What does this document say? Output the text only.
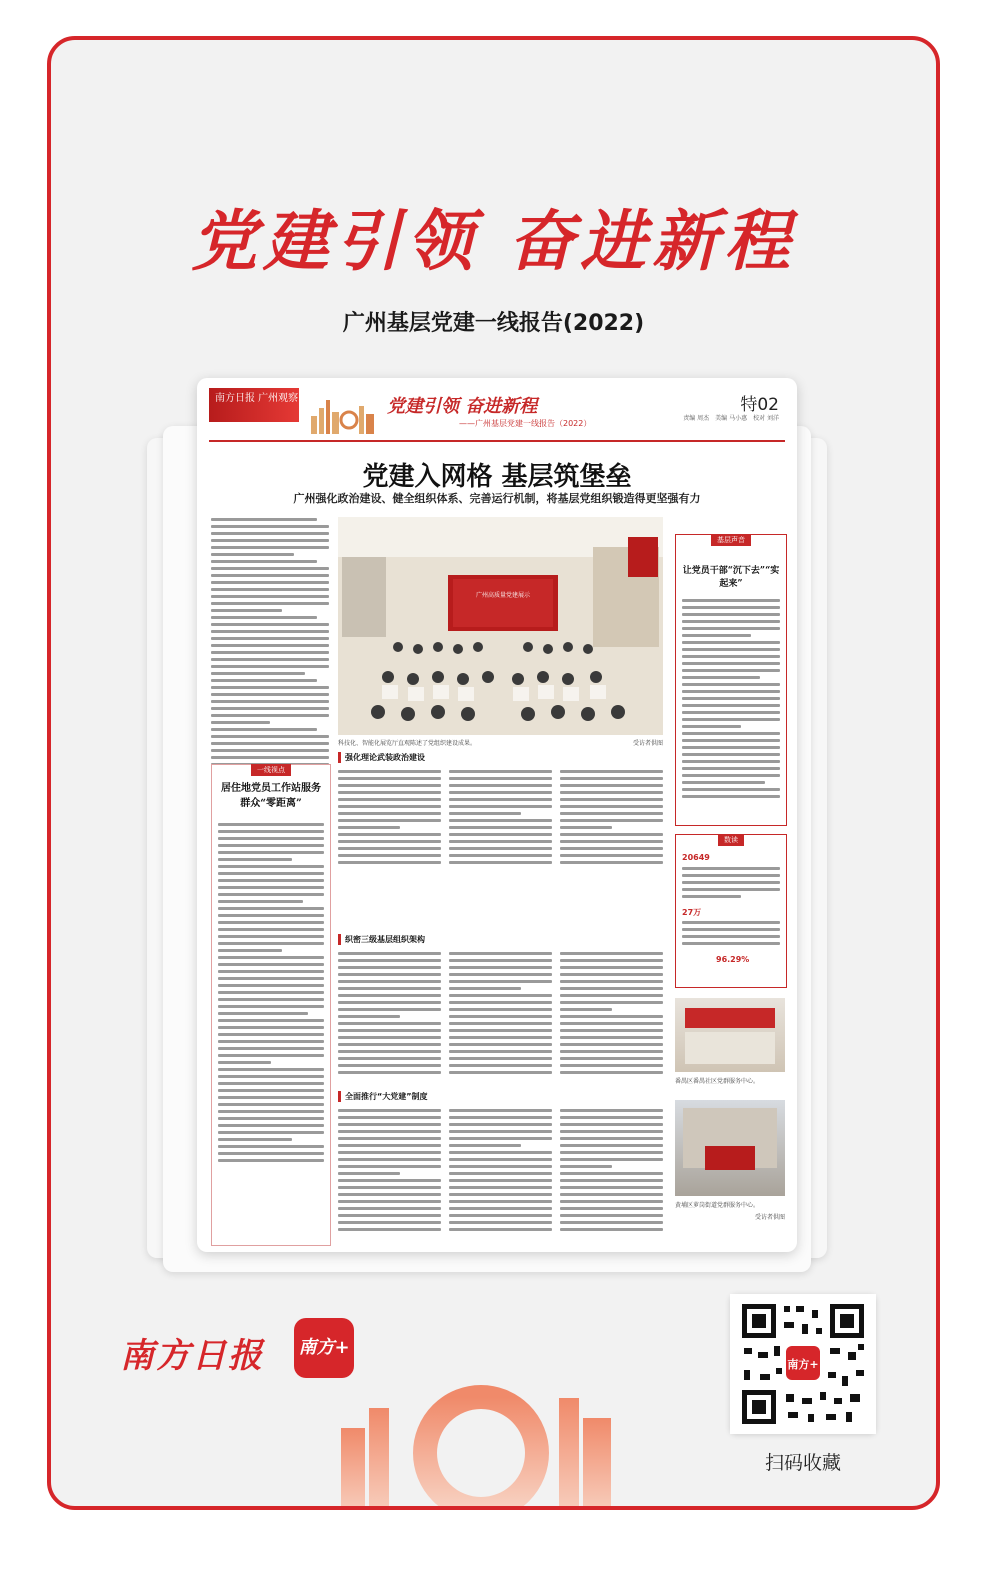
党建引领 奋进新程
广州基层党建一线报告(2022)
南方日报 广州观察	党建引领 奋进新程
——广州基层党建一线报告（2022）
特02
责编 周杰　美编 马小惠　校对 刘洋
党建入网格 基层筑堡垒
广州强化政治建设、健全组织体系、完善运行机制，将基层党组织锻造得更坚强有力
广州高质量党建展示
科技化、智能化展览厅直观陈述了党组织建设成果。	受访者供图
一线视点
居住地党员工作站服务群众“零距离”
强化理论武装政治建设
织密三级基层组织架构
全面推行“大党建”制度
基层声音
让党员干部“沉下去”“实起来”
数读
20649
27万
96.29%
番禺区番禺社区党群服务中心。
黄埔区萝岗街道党群服务中心。
受访者供图
南方日报 南方+
南方+
扫码收藏
